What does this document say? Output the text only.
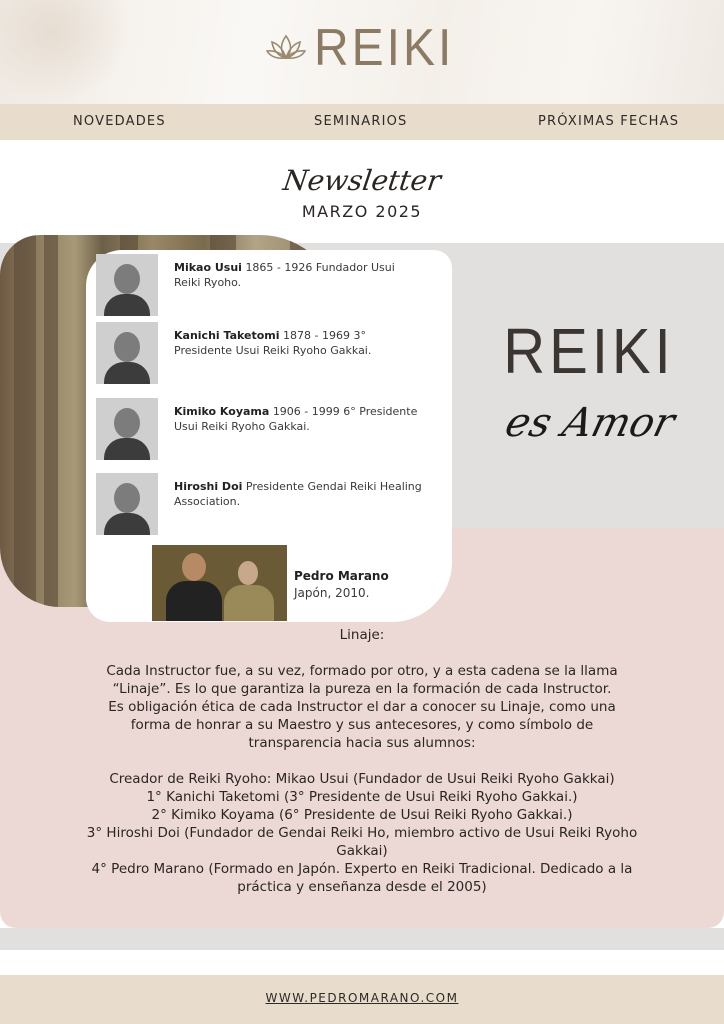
REIKI
NOVEDADES	SEMINARIOS	PRÓXIMAS FECHAS
Newsletter
MARZO 2025
Mikao Usui 1865 - 1926 Fundador Usui Reiki Ryoho.
Kanichi Taketomi 1878 - 1969 3° Presidente Usui Reiki Ryoho Gakkai.
Kimiko Koyama 1906 - 1999 6° Presidente Usui Reiki Ryoho Gakkai.
Hiroshi Doi Presidente Gendai Reiki Healing Association.
Pedro Marano
Japón, 2010.
REIKI
es Amor

Linaje:

Cada Instructor fue, a su vez, formado por otro, y a esta cadena se la llama

“Linaje”. Es lo que garantiza la pureza en la formación de cada Instructor.

Es obligación ética de cada Instructor el dar a conocer su Linaje, como una

forma de honrar a su Maestro y sus antecesores, y como símbolo de

transparencia hacia sus alumnos:

Creador de Reiki Ryoho: Mikao Usui (Fundador de Usui Reiki Ryoho Gakkai)

1° Kanichi Taketomi (3° Presidente de Usui Reiki Ryoho Gakkai.)

2° Kimiko Koyama (6° Presidente de Usui Reiki Ryoho Gakkai.)

3° Hiroshi Doi (Fundador de Gendai Reiki Ho, miembro activo de Usui Reiki Ryoho

Gakkai)

4° Pedro Marano (Formado en Japón. Experto en Reiki Tradicional. Dedicado a la

práctica y enseñanza desde el 2005)

WWW.PEDROMARANO.COM
